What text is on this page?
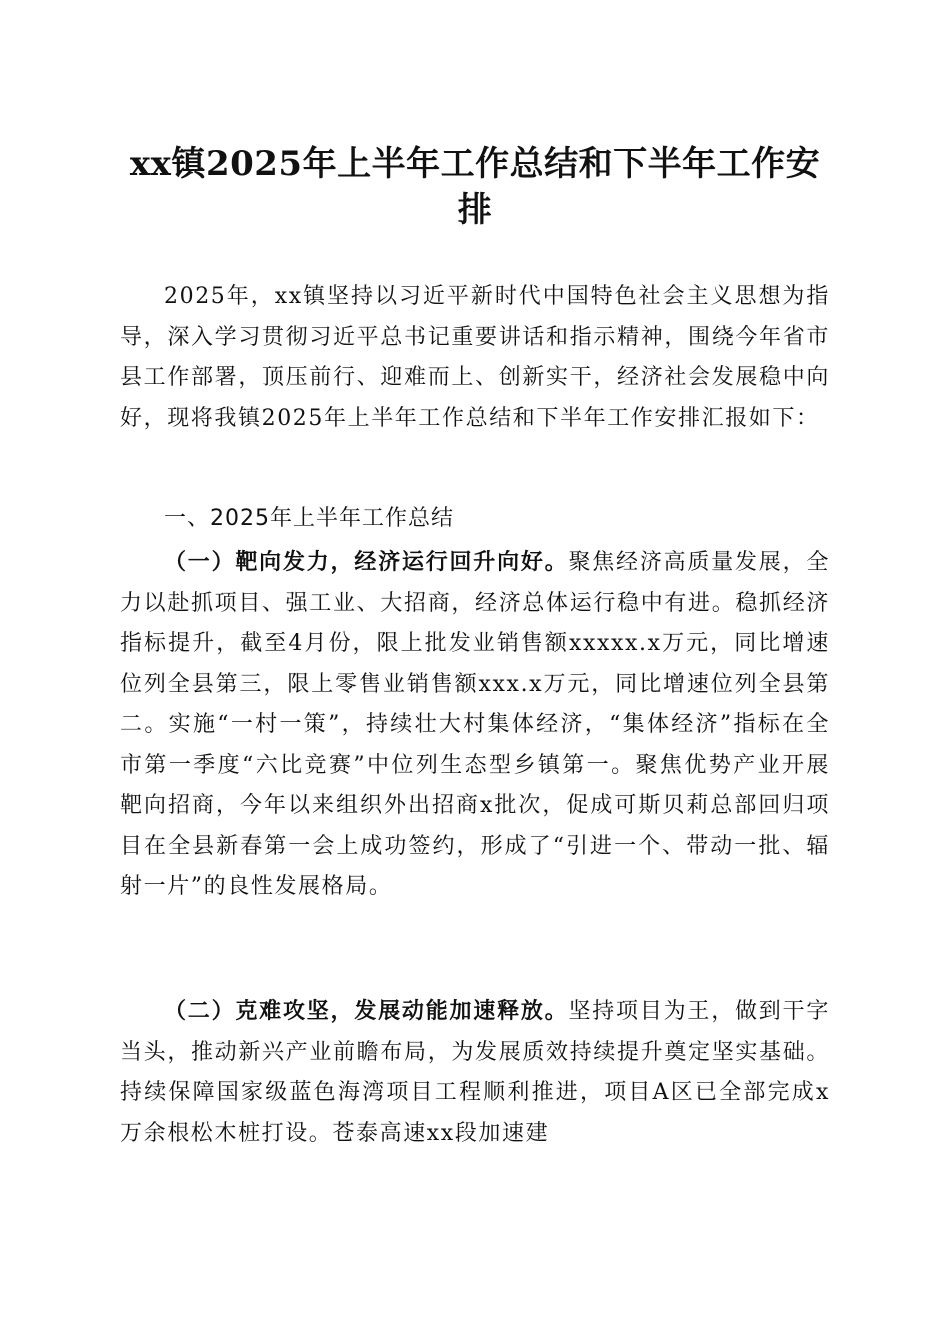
xx镇2025年上半年工作总结和下半年工作安排

2025年，xx镇坚持以习近平新时代中国特色社会主义思想为指导，深入学习贯彻习近平总书记重要讲话和指示精神，围绕今年省市县工作部署，顶压前行、迎难而上、创新实干，经济社会发展稳中向好，现将我镇2025年上半年工作总结和下半年工作安排汇报如下：

一、2025年上半年工作总结

（一）靶向发力，经济运行回升向好。聚焦经济高质量发展，全力以赴抓项目、强工业、大招商，经济总体运行稳中有进。稳抓经济指标提升，截至4月份，限上批发业销售额xxxxx.x万元，同比增速位列全县第三，限上零售业销售额xxx.x万元，同比增速位列全县第二。实施“一村一策”，持续壮大村集体经济，“集体经济”指标在全市第一季度“六比竞赛”中位列生态型乡镇第一。聚焦优势产业开展靶向招商，今年以来组织外出招商x批次，促成可斯贝莉总部回归项目在全县新春第一会上成功签约，形成了“引进一个、带动一批、辐射一片”的良性发展格局。

（二）克难攻坚，发展动能加速释放。坚持项目为王，做到干字当头，推动新兴产业前瞻布局，为发展质效持续提升奠定坚实基础。持续保障国家级蓝色海湾项目工程顺利推进，项目A区已全部完成x万余根松木桩打设。苍泰高速xx段加速建
